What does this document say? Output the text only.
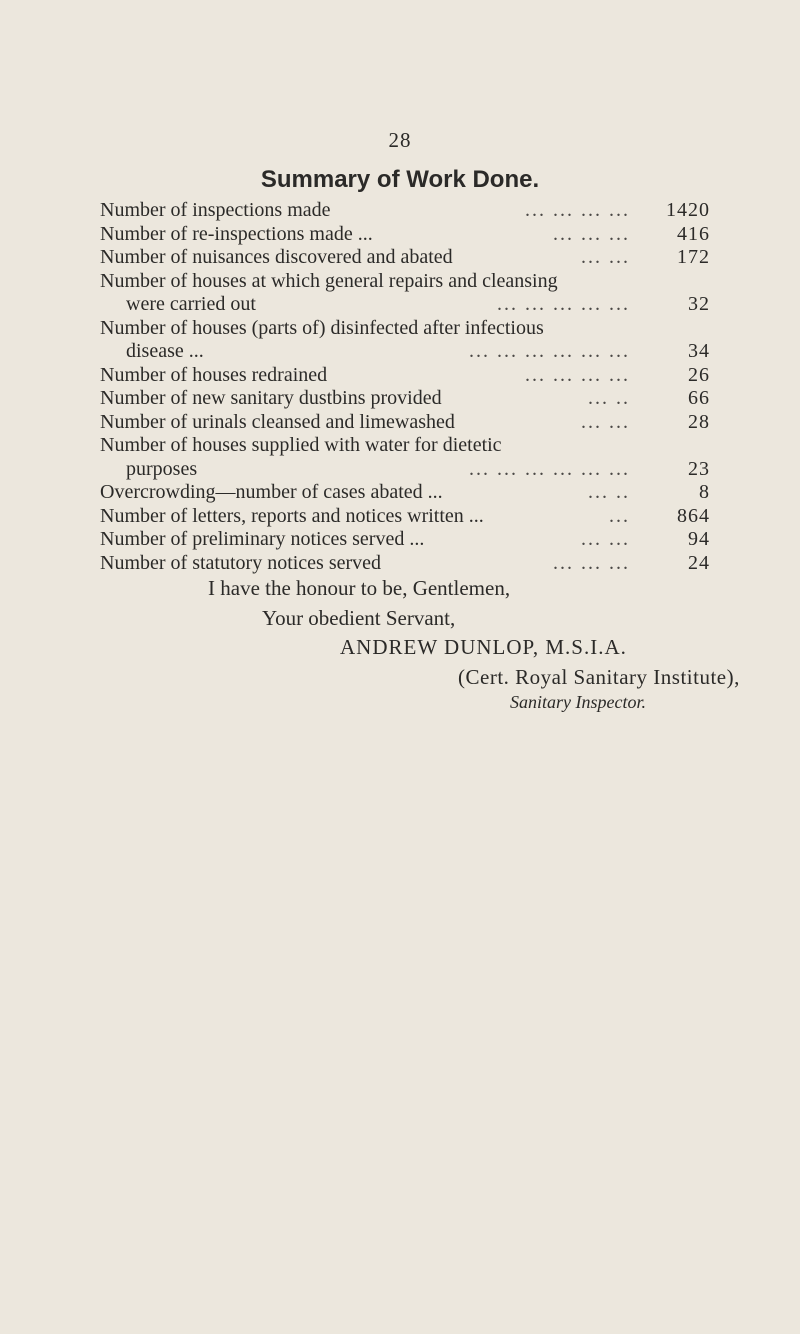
28
Summary of Work Done.
Number of inspections made	... ... ... ...	1420
Number of re-inspections made ...	... ... ...	416
Number of nuisances discovered and abated	... ...	172
Number of houses at which general repairs and cleansing
were carried out	... ... ... ... ...	32
Number of houses (parts of) disinfected after infectious
disease ...	... ... ... ... ... ...	34
Number of houses redrained	... ... ... ...	26
Number of new sanitary dustbins provided	... ..	66
Number of urinals cleansed and limewashed	... ...	28
Number of houses supplied with water for dietetic
purposes	... ... ... ... ... ...	23
Overcrowding—number of cases abated ...	... ..	8
Number of letters, reports and notices written ...	...	864
Number of preliminary notices served ...	... ...	94
Number of statutory notices served	... ... ...	24
I have the honour to be, Gentlemen,
Your obedient Servant,
ANDREW DUNLOP, M.S.I.A.
(Cert. Royal Sanitary Institute),
Sanitary Inspector.
